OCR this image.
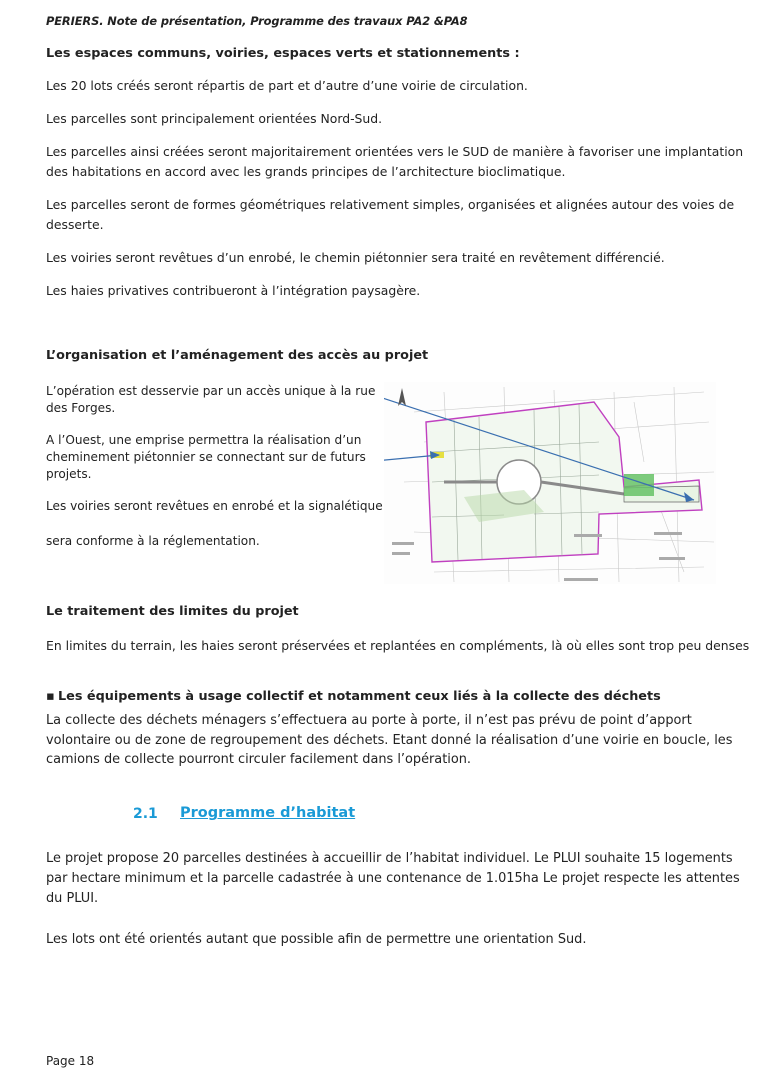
PERIERS. Note de présentation, Programme des travaux PA2 &PA8
Les espaces communs, voiries, espaces verts et stationnements :
Les 20 lots créés seront répartis de part et d’autre d’une voirie de circulation.
Les parcelles sont principalement orientées Nord-Sud.
Les parcelles ainsi créées seront majoritairement orientées vers le SUD de manière à favoriser une implantation
des habitations en accord avec les grands principes de l’architecture bioclimatique.
Les parcelles seront de formes géométriques relativement simples, organisées et alignées autour des voies de
desserte.
Les voiries seront revêtues d’un enrobé, le chemin piétonnier sera traité en revêtement différencié.
Les haies privatives contribueront à l’intégration paysagère.
L’organisation et l’aménagement des accès au projet
L’opération est desservie par un accès unique à la rue
des Forges.
A l’Ouest, une emprise permettra la réalisation d’un
cheminement piétonnier se connectant sur de futurs
projets.
Les voiries seront revêtues en enrobé et la signalétique
sera conforme à la réglementation.
Le traitement des limites du projet
En limites du terrain, les haies seront préservées et replantées en compléments, là où elles sont trop peu denses
▪ Les équipements à usage collectif et notamment ceux liés à la collecte des déchets
La collecte des déchets ménagers s’effectuera au porte à porte, il n’est pas prévu de point d’apport
volontaire ou de zone de regroupement des déchets. Etant donné la réalisation d’une voirie en boucle, les
camions de collecte pourront circuler facilement dans l’opération.
2.1 Programme d’habitat
Le projet propose 20 parcelles destinées à accueillir de l’habitat individuel. Le PLUI souhaite 15 logements
par hectare minimum et la parcelle cadastrée à une contenance de 1.015ha Le projet respecte les attentes
du PLUI.
Les lots ont été orientés autant que possible afin de permettre une orientation Sud.
Page 18
